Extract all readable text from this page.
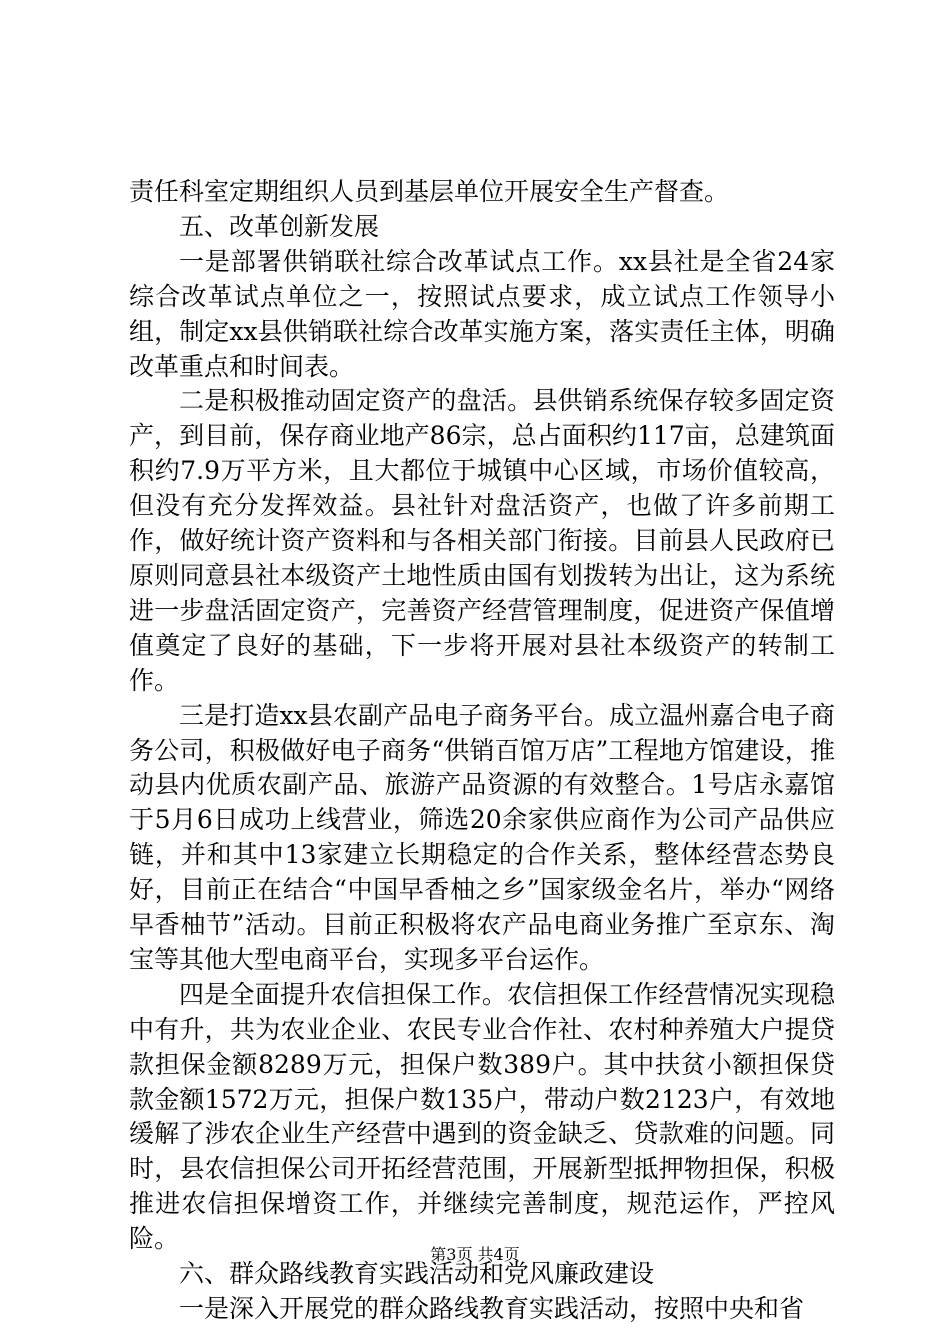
责任科室定期组织人员到基层单位开展安全生产督查。

五、改革创新发展

一是部署供销联社综合改革试点工作。xx县社是全省24家综合改革试点单位之一，按照试点要求，成立试点工作领导小组，制定xx县供销联社综合改革实施方案，落实责任主体，明确改革重点和时间表。

二是积极推动固定资产的盘活。县供销系统保存较多固定资产，到目前，保存商业地产86宗，总占面积约117亩，总建筑面积约7.9万平方米，且大都位于城镇中心区域，市场价值较高，但没有充分发挥效益。县社针对盘活资产，也做了许多前期工作，做好统计资产资料和与各相关部门衔接。目前县人民政府已原则同意县社本级资产土地性质由国有划拨转为出让，这为系统进一步盘活固定资产，完善资产经营管理制度，促进资产保值增值奠定了良好的基础，下一步将开展对县社本级资产的转制工作。

三是打造xx县农副产品电子商务平台。成立温州嘉合电子商务公司，积极做好电子商务“供销百馆万店”工程地方馆建设，推动县内优质农副产品、旅游产品资源的有效整合。1号店永嘉馆于5月6日成功上线营业，筛选20余家供应商作为公司产品供应链，并和其中13家建立长期稳定的合作关系，整体经营态势良好，目前正在结合“中国早香柚之乡”国家级金名片，举办“网络早香柚节”活动。目前正积极将农产品电商业务推广至京东、淘宝等其他大型电商平台，实现多平台运作。

四是全面提升农信担保工作。农信担保工作经营情况实现稳中有升，共为农业企业、农民专业合作社、农村种养殖大户提贷款担保金额8289万元，担保户数389户。其中扶贫小额担保贷款金额1572万元，担保户数135户，带动户数2123户，有效地缓解了涉农企业生产经营中遇到的资金缺乏、贷款难的问题。同时，县农信担保公司开拓经营范围，开展新型抵押物担保，积极推进农信担保增资工作，并继续完善制度，规范运作，严控风险。

六、群众路线教育实践活动和党风廉政建设

一是深入开展党的群众路线教育实践活动，按照中央和省

第3页 共4页
